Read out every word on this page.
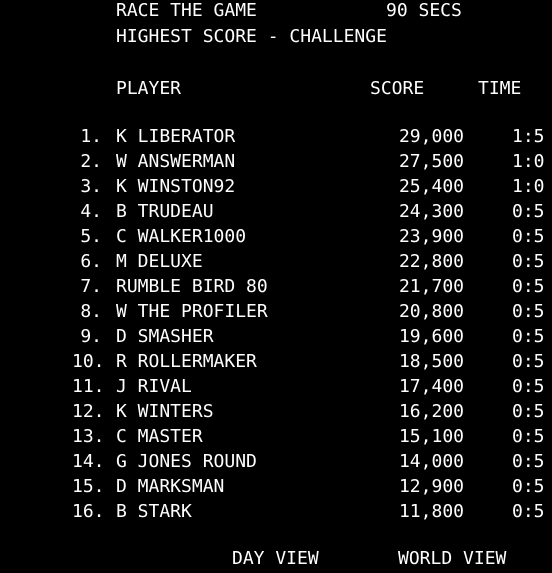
RACE THE GAME	90 SECS
HIGHEST SCORE - CHALLENGE
PLAYER	SCORE	TIME
1. K LIBERATOR	29,000	1:5
2. W ANSWERMAN	27,500	1:0
3. K WINSTON92	25,400	1:0
4. B TRUDEAU	24,300	0:5
5. C WALKER1000	23,900	0:5
6. M DELUXE	22,800	0:5
7. RUMBLE BIRD 80	21,700	0:5
8. W THE PROFILER	20,800	0:5
9. D SMASHER	19,600	0:5
10. R ROLLERMAKER	18,500	0:5
11. J RIVAL	17,400	0:5
12. K WINTERS	16,200	0:5
13. C MASTER	15,100	0:5
14. G JONES ROUND	14,000	0:5
15. D MARKSMAN	12,900	0:5
16. B STARK	11,800	0:5
DAY VIEW	WORLD VIEW
